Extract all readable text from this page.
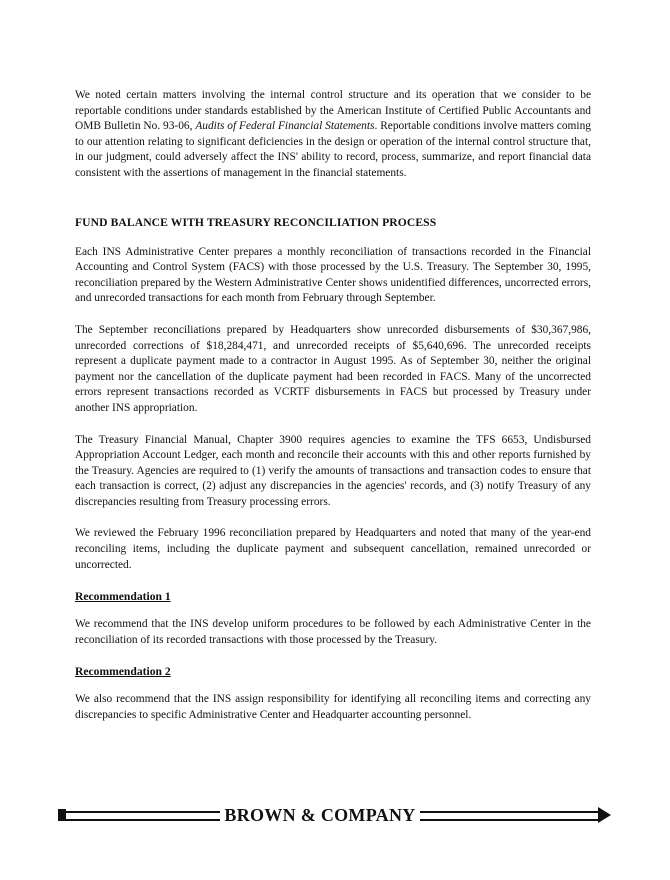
We noted certain matters involving the internal control structure and its operation that we consider to be reportable conditions under standards established by the American Institute of Certified Public Accountants and OMB Bulletin No. 93-06, Audits of Federal Financial Statements. Reportable conditions involve matters coming to our attention relating to significant deficiencies in the design or operation of the internal control structure that, in our judgment, could adversely affect the INS' ability to record, process, summarize, and report financial data consistent with the assertions of management in the financial statements.

FUND BALANCE WITH TREASURY RECONCILIATION PROCESS

Each INS Administrative Center prepares a monthly reconciliation of transactions recorded in the Financial Accounting and Control System (FACS) with those processed by the U.S. Treasury. The September 30, 1995, reconciliation prepared by the Western Administrative Center shows unidentified differences, uncorrected errors, and unrecorded transactions for each month from February through September.

The September reconciliations prepared by Headquarters show unrecorded disbursements of $30,367,986, unrecorded corrections of $18,284,471, and unrecorded receipts of $5,640,696. The unrecorded receipts represent a duplicate payment made to a contractor in August 1995. As of September 30, neither the original payment nor the cancellation of the duplicate payment had been recorded in FACS. Many of the uncorrected errors represent transactions recorded as VCRTF disbursements in FACS but processed by Treasury under another INS appropriation.

The Treasury Financial Manual, Chapter 3900 requires agencies to examine the TFS 6653, Undisbursed Appropriation Account Ledger, each month and reconcile their accounts with this and other reports furnished by the Treasury. Agencies are required to (1) verify the amounts of transactions and transaction codes to ensure that each transaction is correct, (2) adjust any discrepancies in the agencies' records, and (3) notify Treasury of any discrepancies resulting from Treasury processing errors.

We reviewed the February 1996 reconciliation prepared by Headquarters and noted that many of the year-end reconciling items, including the duplicate payment and subsequent cancellation, remained unrecorded or uncorrected.

Recommendation 1

We recommend that the INS develop uniform procedures to be followed by each Administrative Center in the reconciliation of its recorded transactions with those processed by the Treasury.

Recommendation 2

We also recommend that the INS assign responsibility for identifying all reconciling items and correcting any discrepancies to specific Administrative Center and Headquarter accounting personnel.

BROWN & COMPANY
